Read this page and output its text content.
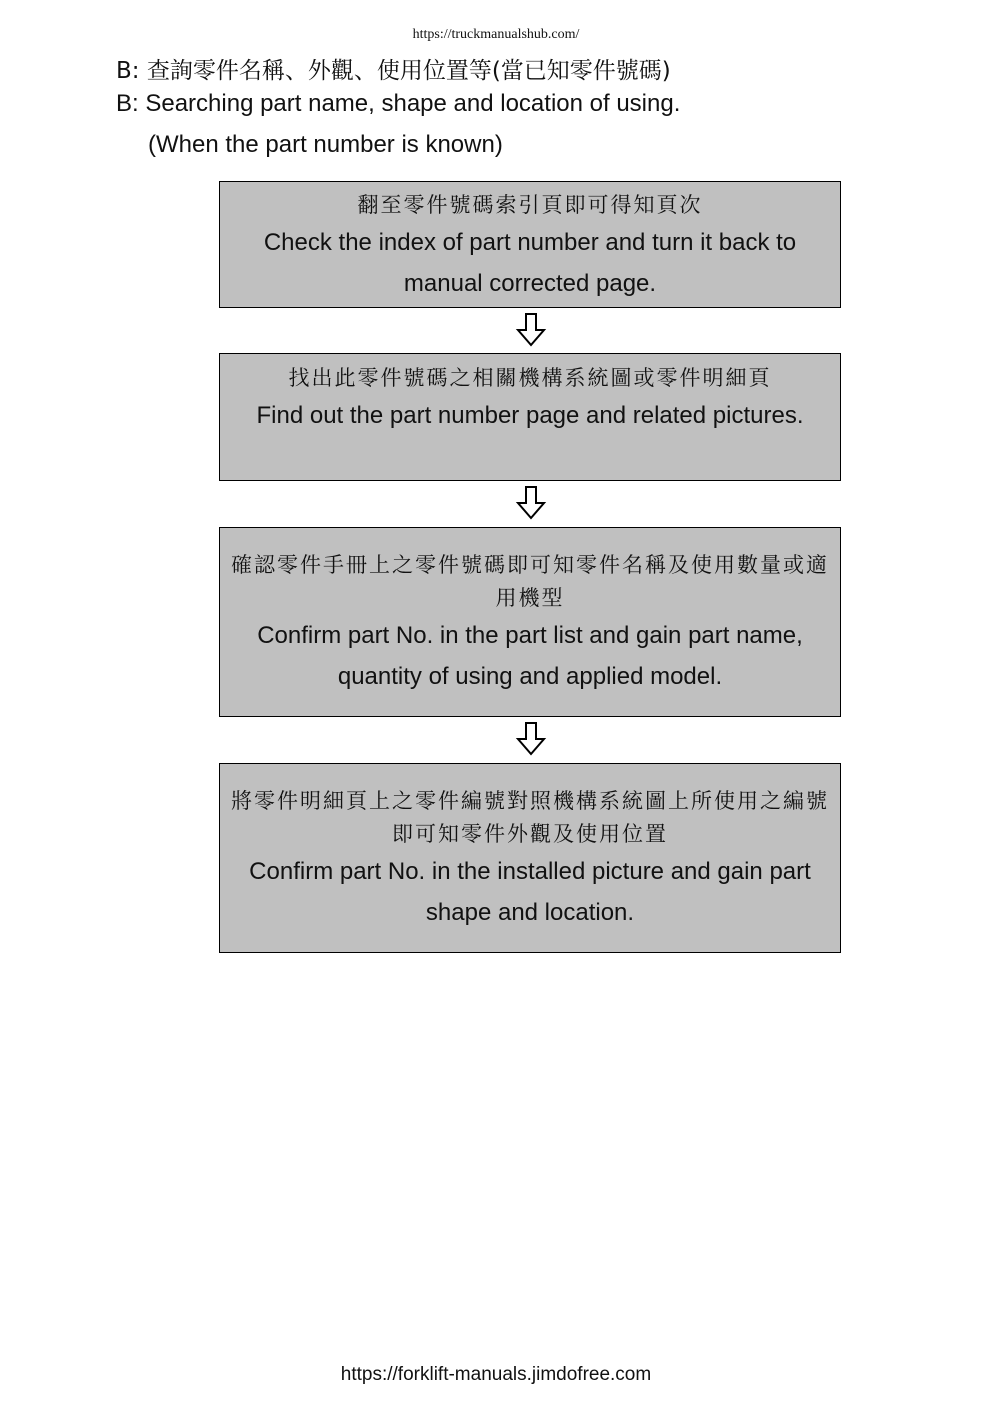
https://truckmanualshub.com/
B: 查詢零件名稱、外觀、使用位置等(當已知零件號碼)
B: Searching part name, shape and location of using.
(When the part number is known)
翻至零件號碼索引頁即可得知頁次
Check the index of part number and turn it back to manual corrected page.
找出此零件號碼之相關機構系統圖或零件明細頁
Find out the part number page and related pictures.
確認零件手冊上之零件號碼即可知零件名稱及使用數量或適用機型
Confirm part No. in the part list and gain part name, quantity of using and applied model.
將零件明細頁上之零件編號對照機構系統圖上所使用之編號即可知零件外觀及使用位置
Confirm part No. in the installed picture and gain part shape and location.
https://forklift-manuals.jimdofree.com
